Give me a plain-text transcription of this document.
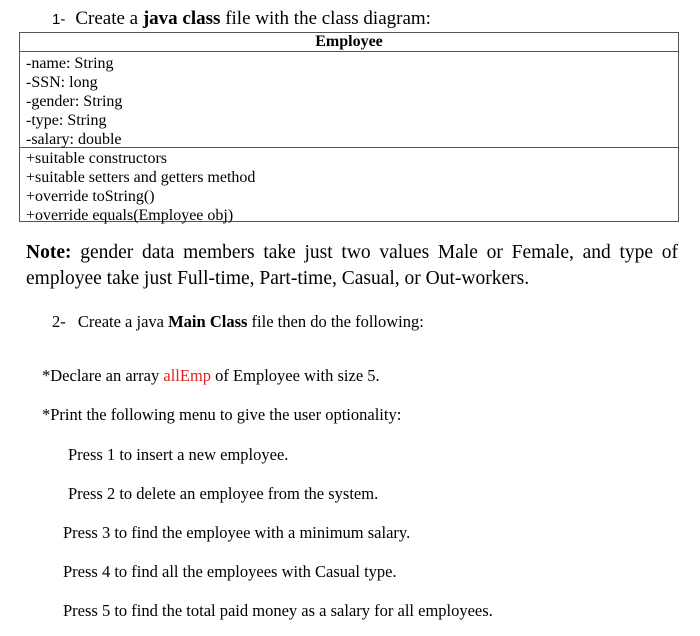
1- Create a java class file with the class diagram:
Employee
-name: String
-SSN: long
-gender: String
-type: String
-salary: double
+suitable constructors
+suitable setters and getters method
+override toString()
+override equals(Employee obj)
Note: gender data members take just two values Male or Female, and type of
employee take just Full-time, Part-time, Casual, or Out-workers.
2- Create a java Main Class file then do the following:
*Declare an array allEmp of Employee with size 5.
*Print the following menu to give the user optionality:
Press 1 to insert a new employee.
Press 2 to delete an employee from the system.
Press 3 to find the employee with a minimum salary.
Press 4 to find all the employees with Casual type.
Press 5 to find the total paid money as a salary for all employees.
